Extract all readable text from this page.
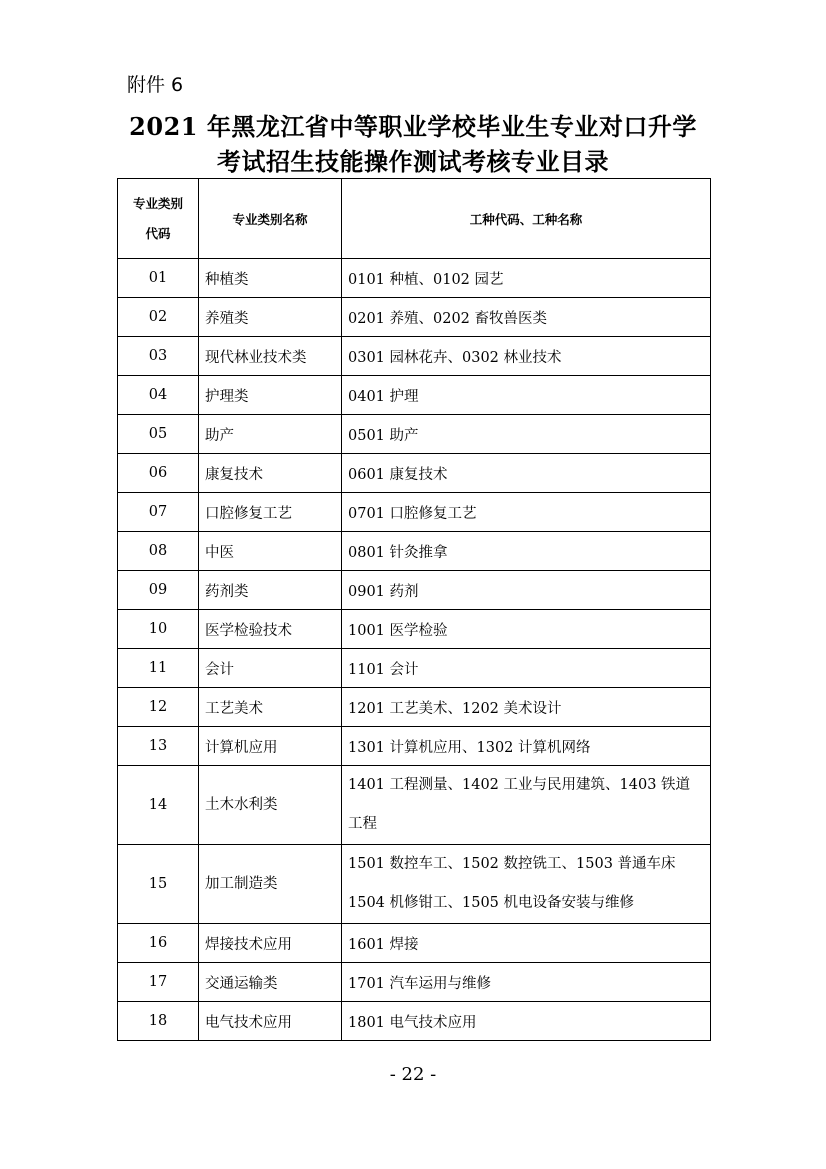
附件 6
2021 年黑龙江省中等职业学校毕业生专业对口升学
考试招生技能操作测试考核专业目录
专业类别
代码	专业类别名称	工种代码、工种名称
01	种植类	0101 种植、0102 园艺
02	养殖类	0201 养殖、0202 畜牧兽医类
03	现代林业技术类	0301 园林花卉、0302 林业技术
04	护理类	0401 护理
05	助产	0501 助产
06	康复技术	0601 康复技术
07	口腔修复工艺	0701 口腔修复工艺
08	中医	0801 针灸推拿
09	药剂类	0901 药剂
10	医学检验技术	1001 医学检验
11	会计	1101 会计
12	工艺美术	1201 工艺美术、1202 美术设计
13	计算机应用	1301 计算机应用、1302 计算机网络
14	土木水利类	1401 工程测量、1402 工业与民用建筑、1403 铁道工程
15	加工制造类	1501 数控车工、1502 数控铣工、1503 普通车床 1504 机修钳工、1505 机电设备安装与维修
16	焊接技术应用	1601 焊接
17	交通运输类	1701 汽车运用与维修
18	电气技术应用	1801 电气技术应用
- 22 -
